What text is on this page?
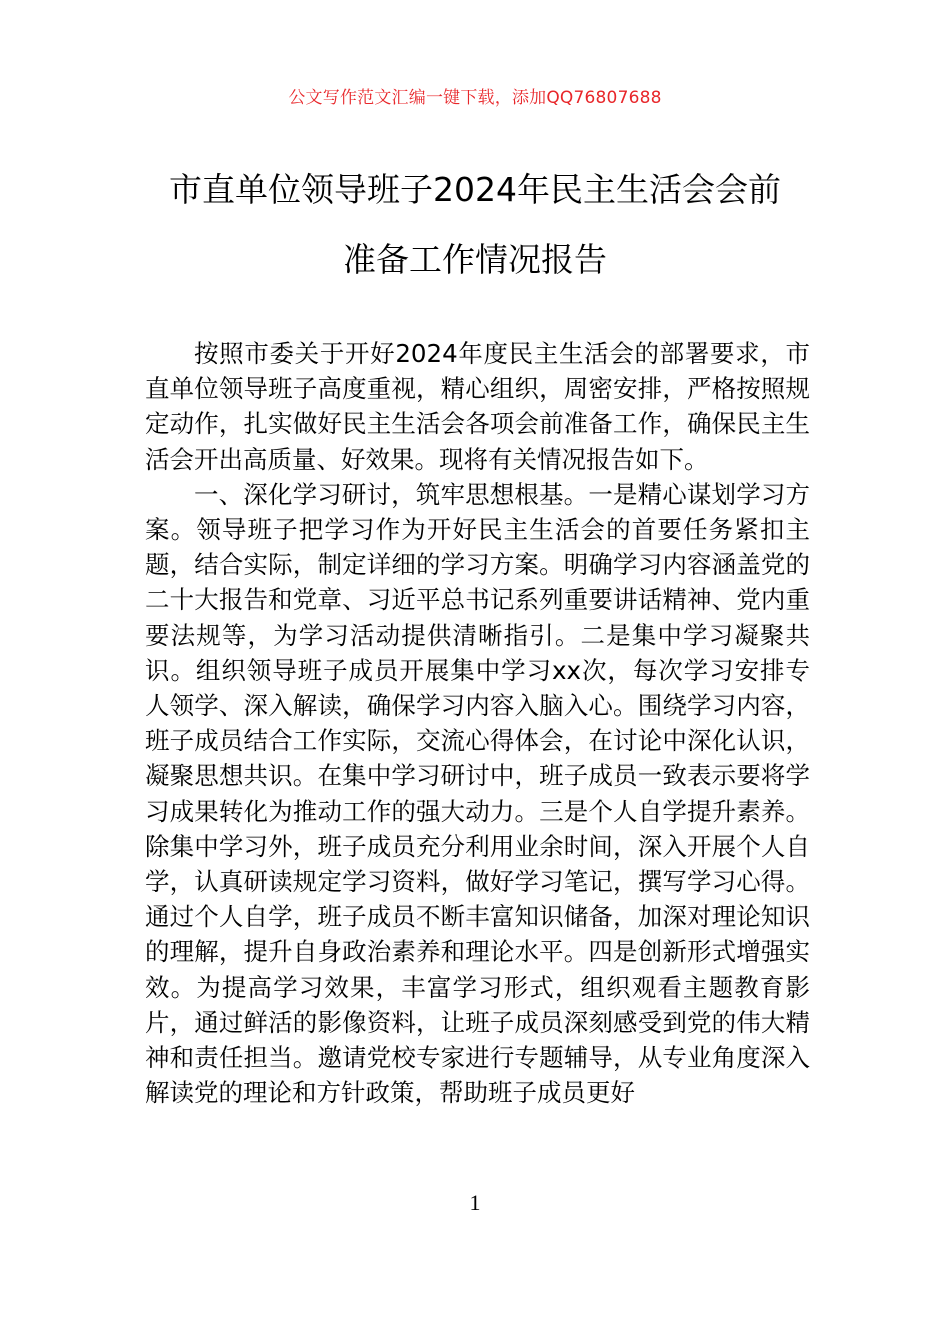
公文写作范文汇编一键下载，添加QQ76807688
市直单位领导班子2024年民主生活会会前
准备工作情况报告

按照市委关于开好2024年度民主生活会的部署要求，市直单位领导班子高度重视，精心组织，周密安排，严格按照规定动作，扎实做好民主生活会各项会前准备工作，确保民主生活会开出高质量、好效果。现将有关情况报告如下。

一、深化学习研讨，筑牢思想根基。一是精心谋划学习方案。领导班子把学习作为开好民主生活会的首要任务紧扣主题，结合实际，制定详细的学习方案。明确学习内容涵盖党的二十大报告和党章、习近平总书记系列重要讲话精神、党内重要法规等，为学习活动提供清晰指引。二是集中学习凝聚共识。组织领导班子成员开展集中学习xx次，每次学习安排专人领学、深入解读，确保学习内容入脑入心。围绕学习内容，班子成员结合工作实际，交流心得体会，在讨论中深化认识，凝聚思想共识。在集中学习研讨中，班子成员一致表示要将学习成果转化为推动工作的强大动力。三是个人自学提升素养。除集中学习外，班子成员充分利用业余时间，深入开展个人自学，认真研读规定学习资料，做好学习笔记，撰写学习心得。通过个人自学，班子成员不断丰富知识储备，加深对理论知识的理解，提升自身政治素养和理论水平。四是创新形式增强实效。为提高学习效果，丰富学习形式，组织观看主题教育影片，通过鲜活的影像资料，让班子成员深刻感受到党的伟大精神和责任担当。邀请党校专家进行专题辅导，从专业角度深入解读党的理论和方针政策，帮助班子成员更好

1
